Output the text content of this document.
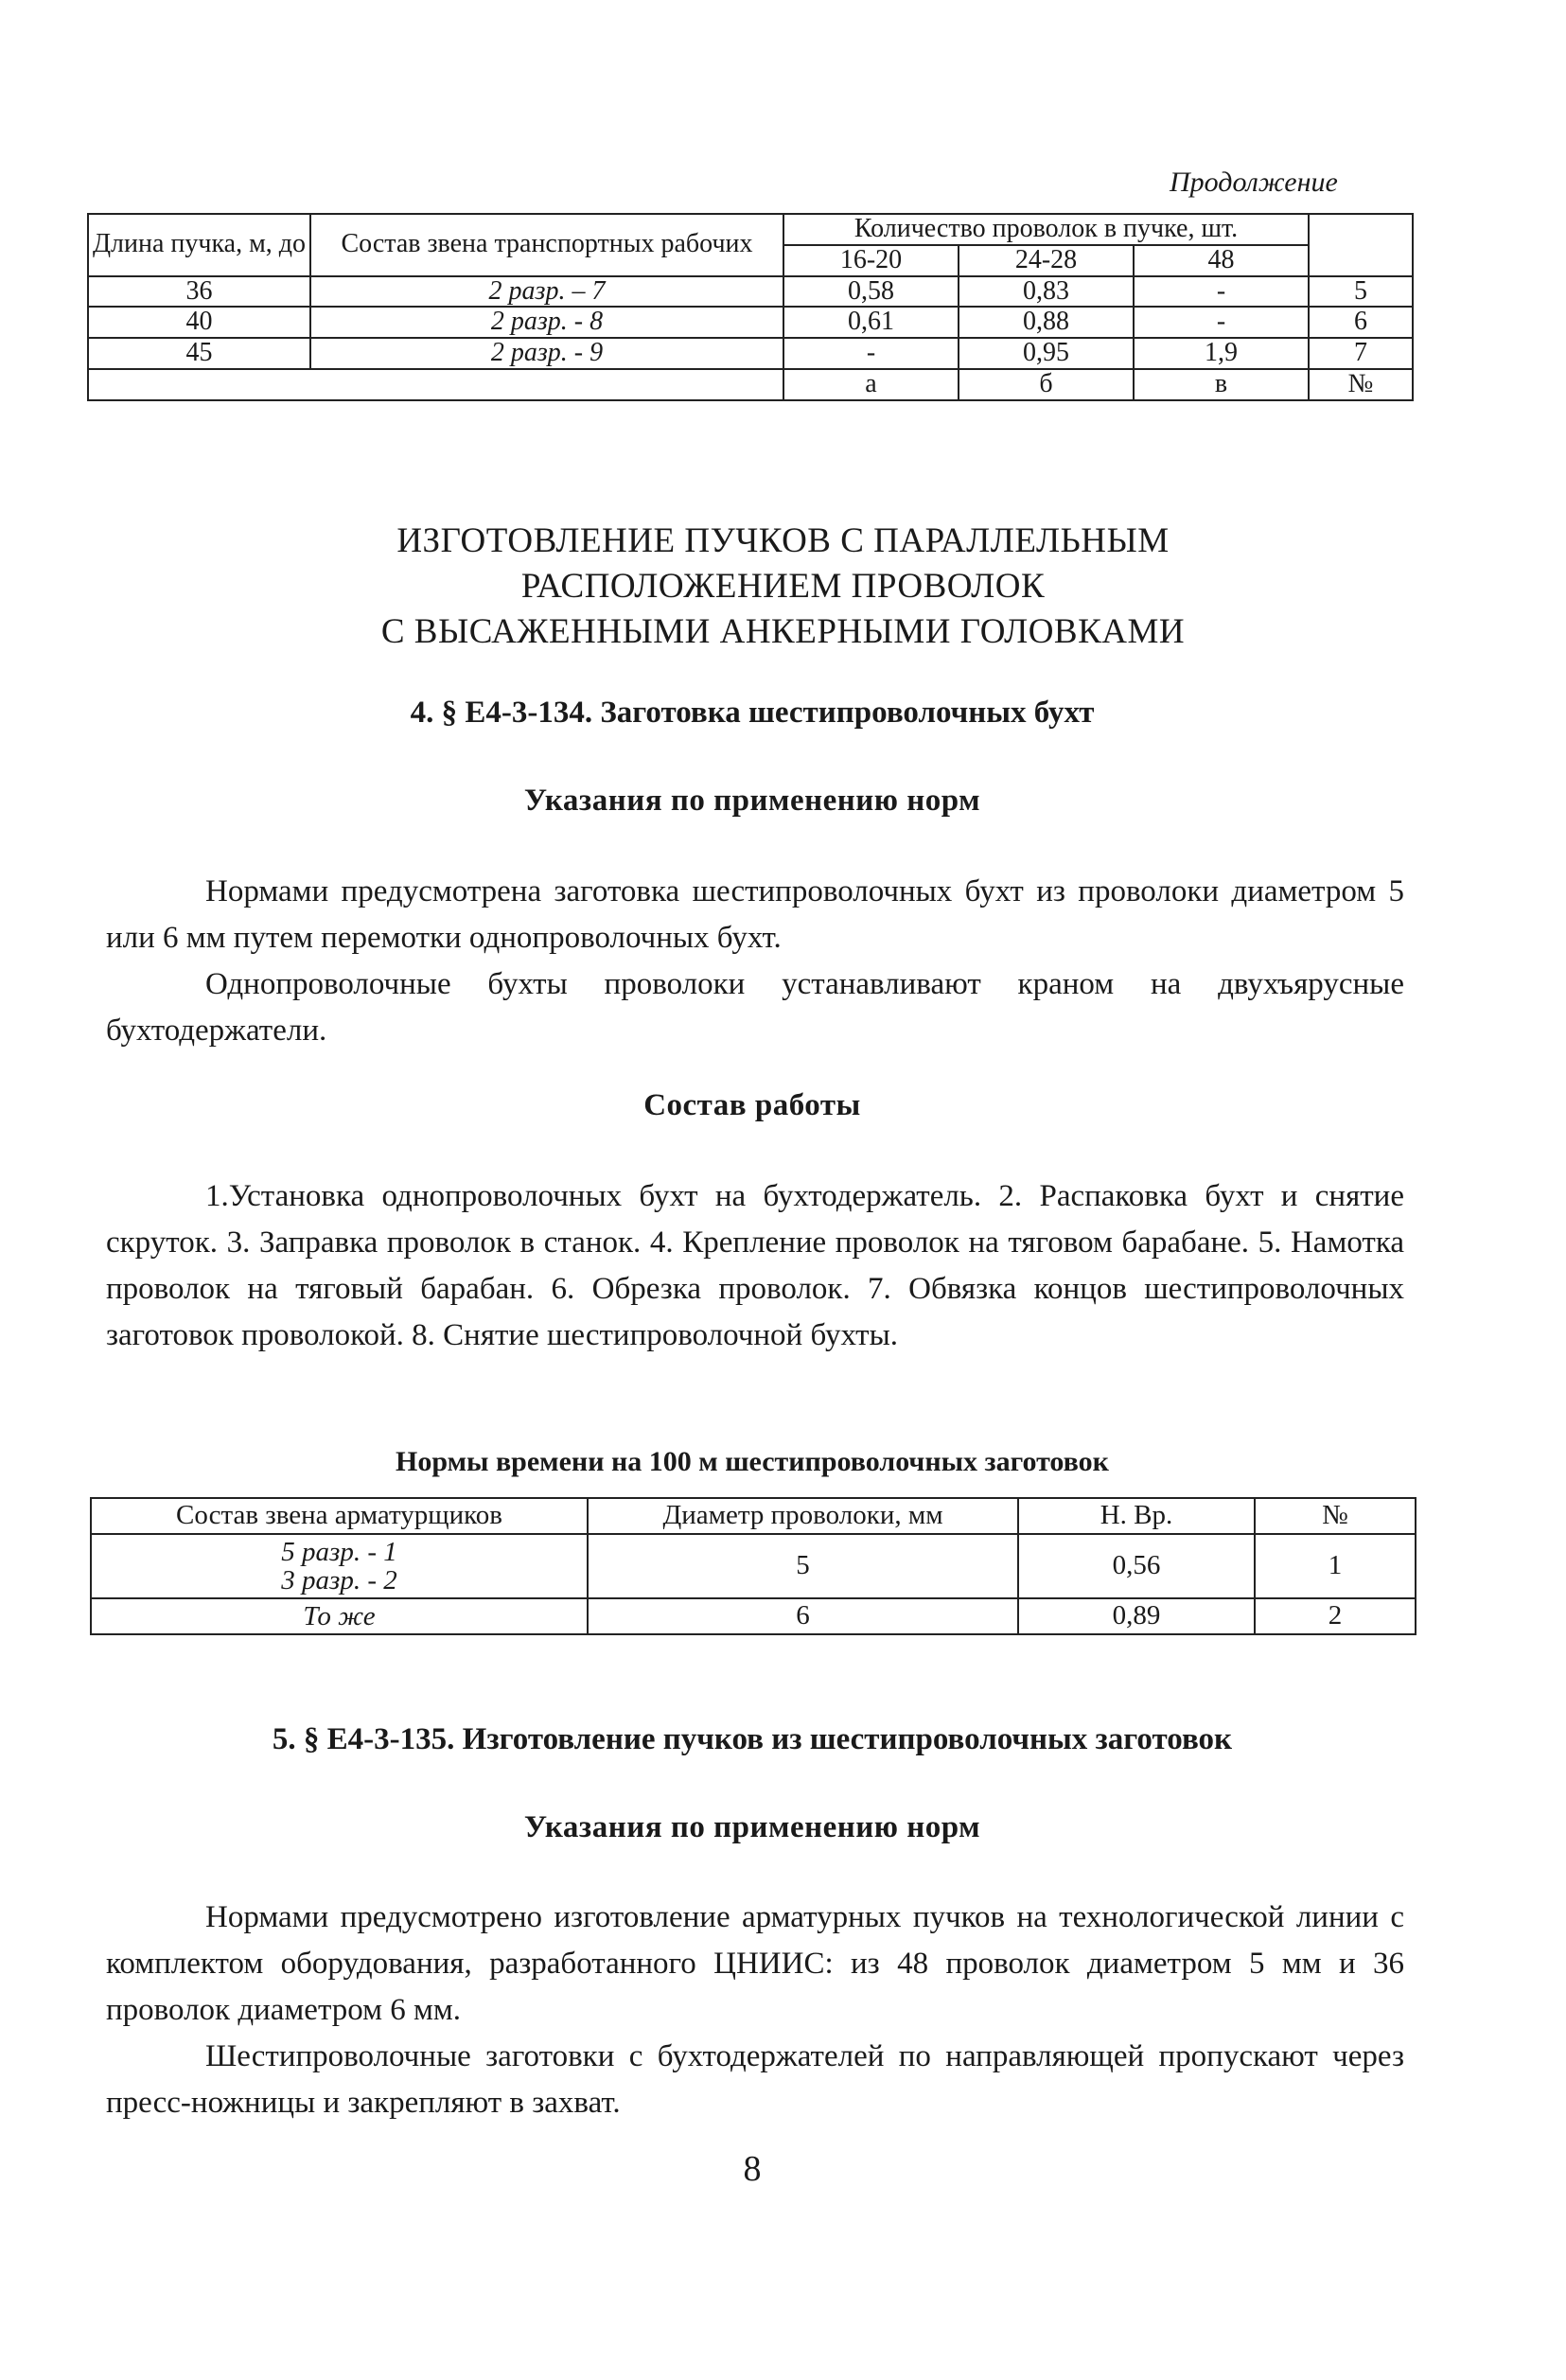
Продолжение
Длина пучка, м, до	Состав звена транспортных рабочих	Количество проволок в пучке, шт.			
		16-20	24-28	48	
36	2 разр. – 7	0,58	0,83	-	5
40	2 разр. - 8	0,61	0,88	-	6
45	2 разр. - 9	-	0,95	1,9	7
		а	б	в	№
ИЗГОТОВЛЕНИЕ ПУЧКОВ С ПАРАЛЛЕЛЬНЫМ
РАСПОЛОЖЕНИЕМ ПРОВОЛОК
С ВЫСАЖЕННЫМИ АНКЕРНЫМИ ГОЛОВКАМИ
4. § Е4-3-134. Заготовка шестипроволочных бухт
Указания по применению норм

Нормами предусмотрена заготовка шестипроволочных бухт из проволоки диаметром 5 или 6 мм путем перемотки однопроволочных бухт.

Однопроволочные бухты проволоки устанавливают краном на двухъярусные бухтодержатели.

Состав работы

1.Установка однопроволочных бухт на бухтодержатель. 2. Распаковка бухт и снятие скруток. 3. Заправка проволок в станок. 4. Крепление проволок на тяговом барабане. 5. Намотка проволок на тяговый барабан. 6. Обрезка проволок. 7. Обвязка концов шестипроволочных заготовок проволокой. 8. Снятие шестипроволочной бухты.

Нормы времени на 100 м шестипроволочных заготовок
Состав звена арматурщиков	Диаметр проволоки, мм	Н. Вр.	№

5 разр. - 1
3 разр. - 2	5	0,56	1
То же	6	0,89	2
5. § Е4-3-135. Изготовление пучков из шестипроволочных заготовок
Указания по применению норм

Нормами предусмотрено изготовление арматурных пучков на технологической линии с комплектом оборудования, разработанного ЦНИИС: из 48 проволок диаметром 5 мм и 36 проволок диаметром 6 мм.

Шестипроволочные заготовки с бухтодержателей по направляющей пропускают через пресс-ножницы и закрепляют в захват.

8
